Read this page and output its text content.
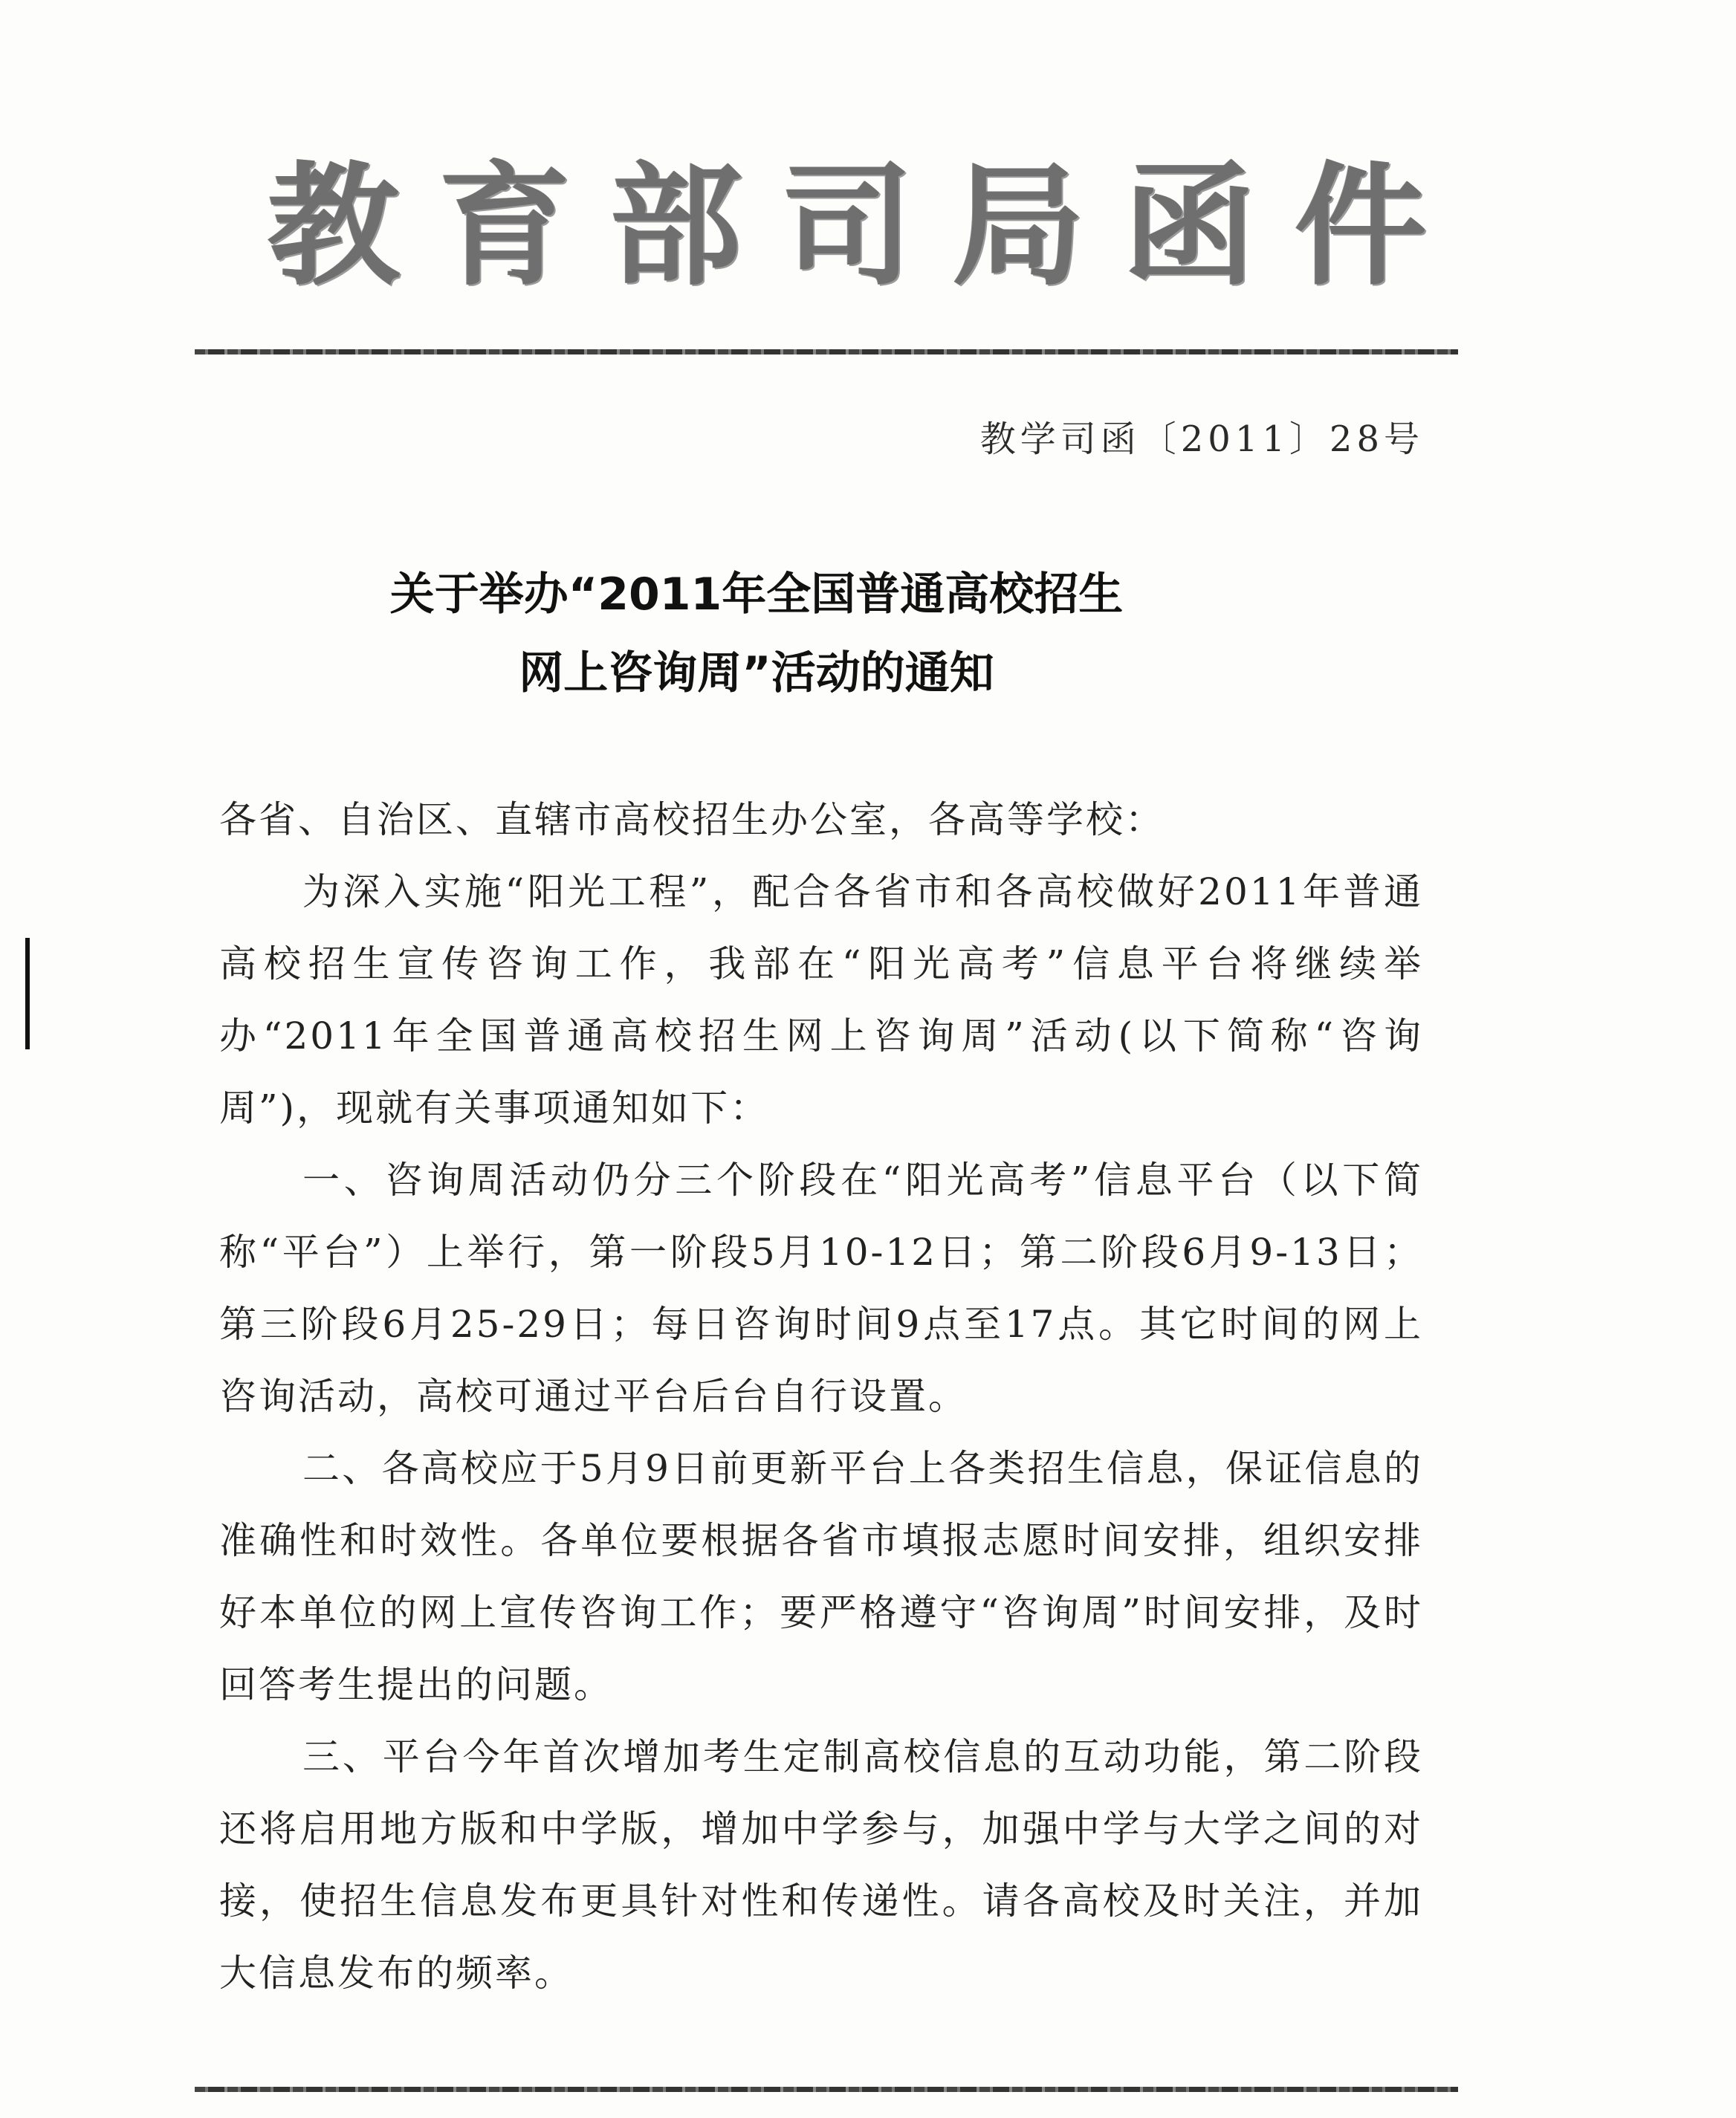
教 育 部 司 局 函 件
教学司函〔2011〕28号
关于举办“2011年全国普通高校招生
网上咨询周”活动的通知

各省、自治区、直辖市高校招生办公室，各高等学校：

为深入实施“阳光工程”，配合各省市和各高校做好2011年普通高校招生宣传咨询工作，我部在“阳光高考”信息平台将继续举办“2011年全国普通高校招生网上咨询周”活动(以下简称“咨询周”)，现就有关事项通知如下：

一、咨询周活动仍分三个阶段在“阳光高考”信息平台（以下简称“平台”）上举行，第一阶段5月10-12日；第二阶段6月9-13日；第三阶段6月25-29日；每日咨询时间9点至17点。其它时间的网上咨询活动，高校可通过平台后台自行设置。

二、各高校应于5月9日前更新平台上各类招生信息，保证信息的准确性和时效性。各单位要根据各省市填报志愿时间安排，组织安排好本单位的网上宣传咨询工作；要严格遵守“咨询周”时间安排，及时回答考生提出的问题。

三、平台今年首次增加考生定制高校信息的互动功能，第二阶段还将启用地方版和中学版，增加中学参与，加强中学与大学之间的对接，使招生信息发布更具针对性和传递性。请各高校及时关注，并加大信息发布的频率。
